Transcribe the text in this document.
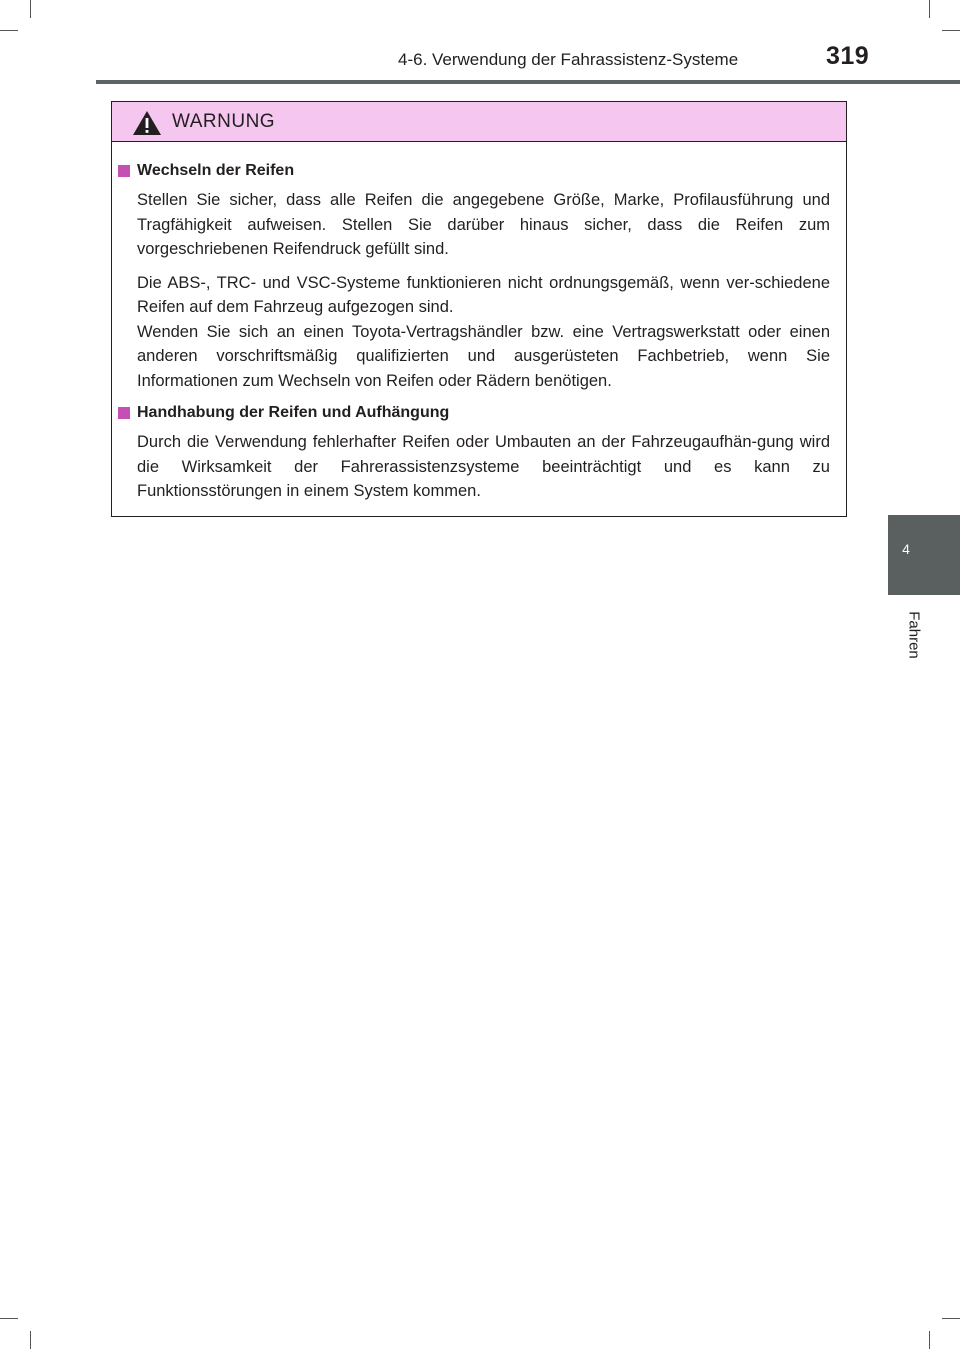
4-6. Verwendung der Fahrassistenz-Systeme	319
4
Fahren
WARNUNG
Wechseln der Reifen

Stellen Sie sicher, dass alle Reifen die angegebene Größe, Marke, Profilausführung und Tragfähigkeit aufweisen. Stellen Sie darüber hinaus sicher, dass die Reifen zum vorgeschriebenen Reifendruck gefüllt sind.

Die ABS-, TRC- und VSC-Systeme funktionieren nicht ordnungsgemäß, wenn ver-schiedene Reifen auf dem Fahrzeug aufgezogen sind.
Wenden Sie sich an einen Toyota-Vertragshändler bzw. eine Vertragswerkstatt oder einen anderen vorschriftsmäßig qualifizierten und ausgerüsteten Fachbetrieb, wenn Sie Informationen zum Wechseln von Reifen oder Rädern benötigen.

Handhabung der Reifen und Aufhängung

Durch die Verwendung fehlerhafter Reifen oder Umbauten an der Fahrzeugaufhän-gung wird die Wirksamkeit der Fahrerassistenzsysteme beeinträchtigt und es kann zu Funktionsstörungen in einem System kommen.
